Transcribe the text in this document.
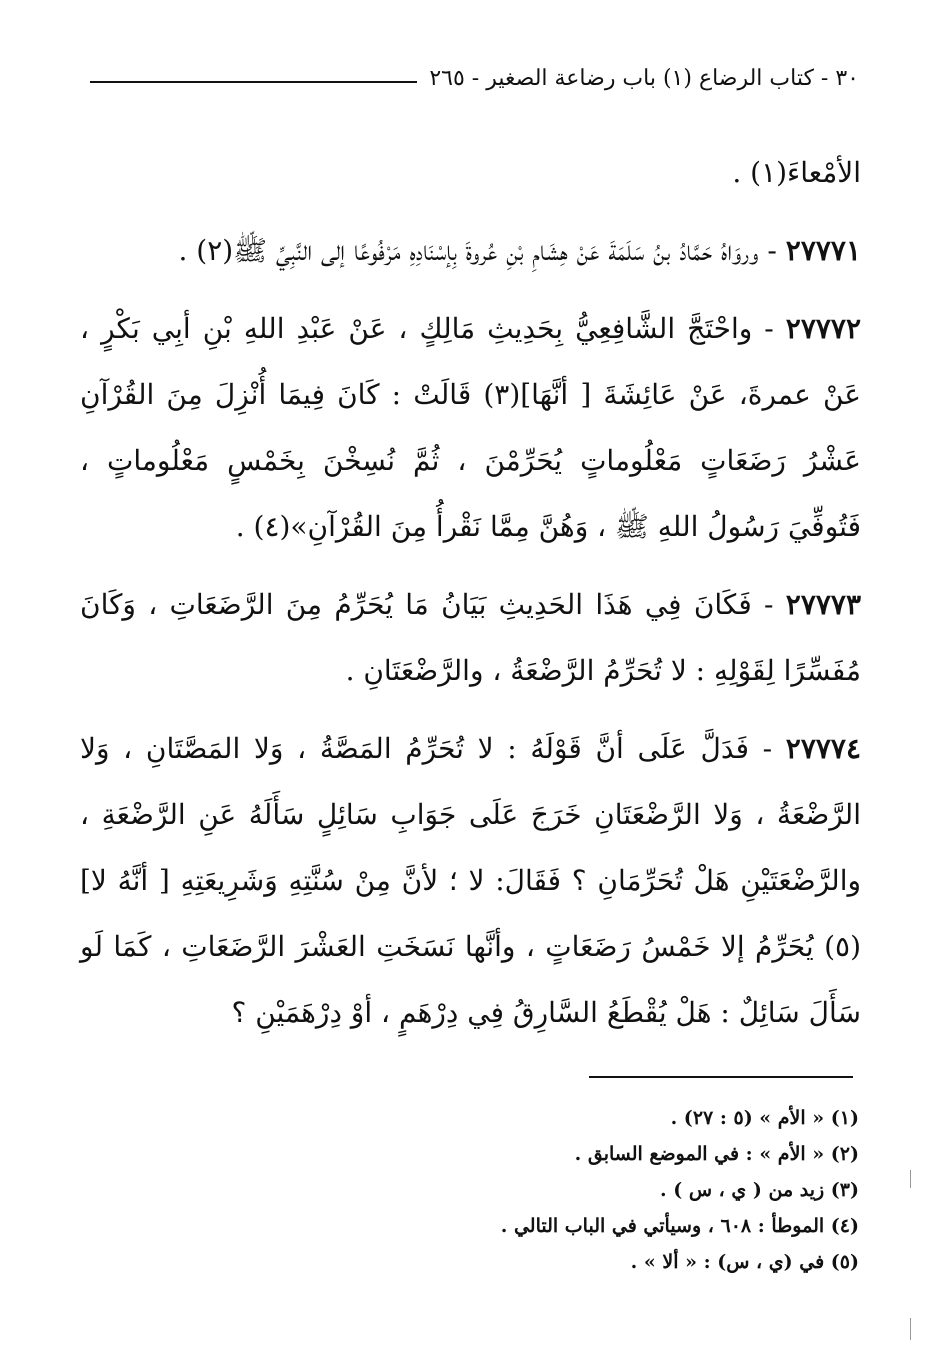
٣٠ - كتاب الرضاع (١) باب رضاعة الصغير - ٢٦٥

الأمْعاءَ(١) .

٢٧٧٧١ - وروَاهُ حَمَّادُ بنُ سَلَمَةَ عَنْ هِشَامِ بْنِ عُروةَ بِإسْنَادِهِ مَرْفُوعًا إلى النَّبِيِّ ﷺ(٢) .

٢٧٧٧٢ - واحْتَجَّ الشَّافِعِيُّ بِحَدِيثِ مَالِكٍ ، عَنْ عَبْدِ اللهِ بْنِ أبِي بَكْرٍ ، عَنْ عمرةَ، عَنْ عَائِشَةَ [ أنَّهَا](٣) قَالَتْ : كَانَ فِيمَا أُنْزِلَ مِنَ القُرْآنِ عَشْرُ رَضَعَاتٍ مَعْلُوماتٍ يُحَرِّمْنَ ، ثُمَّ نُسِخْنَ بِخَمْسٍ مَعْلُوماتٍ ، فَتُوفِّيَ رَسُولُ اللهِ ﷺ ، وَهُنَّ مِمَّا نَقْرأُ مِنَ القُرْآنِ»(٤) .

٢٧٧٧٣ - فَكَانَ فِي هَذَا الحَدِيثِ بَيَانُ مَا يُحَرِّمُ مِنَ الرَّضَعَاتِ ، وَكَانَ مُفَسِّرًا لِقَوْلِهِ : لا تُحَرِّمُ الرَّضْعَةُ ، والرَّضْعَتَانِ .

٢٧٧٧٤ - فَدَلَّ عَلَى أنَّ قَوْلَهُ : لا تُحَرِّمُ المَصَّةُ ، وَلا المَصَّتَانِ ، وَلا الرَّضْعَةُ ، وَلا الرَّضْعَتَانِ خَرَجَ عَلَى جَوَابِ سَائِلٍ سَأَلَهُ عَنِ الرَّضْعَةِ ، والرَّضْعَتَيْنِ هَلْ تُحَرِّمَانِ ؟ فَقَالَ: لا ؛ لأنَّ مِنْ سُنَّتِهِ وَشَرِيعَتِهِ [ أنَّهُ لا](٥) يُحَرِّمُ إلا خَمْسُ رَضَعَاتٍ ، وأنَّها نَسَخَتِ العَشْرَ الرَّضَعَاتِ ، كَمَا لَو سَأَلَ سَائِلٌ : هَلْ يُقْطَعُ السَّارِقُ فِي دِرْهَمٍ ، أوْ دِرْهَمَيْنِ ؟

(١) « الأم » (٥ : ٢٧) .

(٢) « الأم » : في الموضع السابق .

(٣) زيد من ( ي ، س ) .

(٤) الموطأ : ٦٠٨ ، وسيأتي في الباب التالي .

(٥) في (ي ، س) : « ألا » .
